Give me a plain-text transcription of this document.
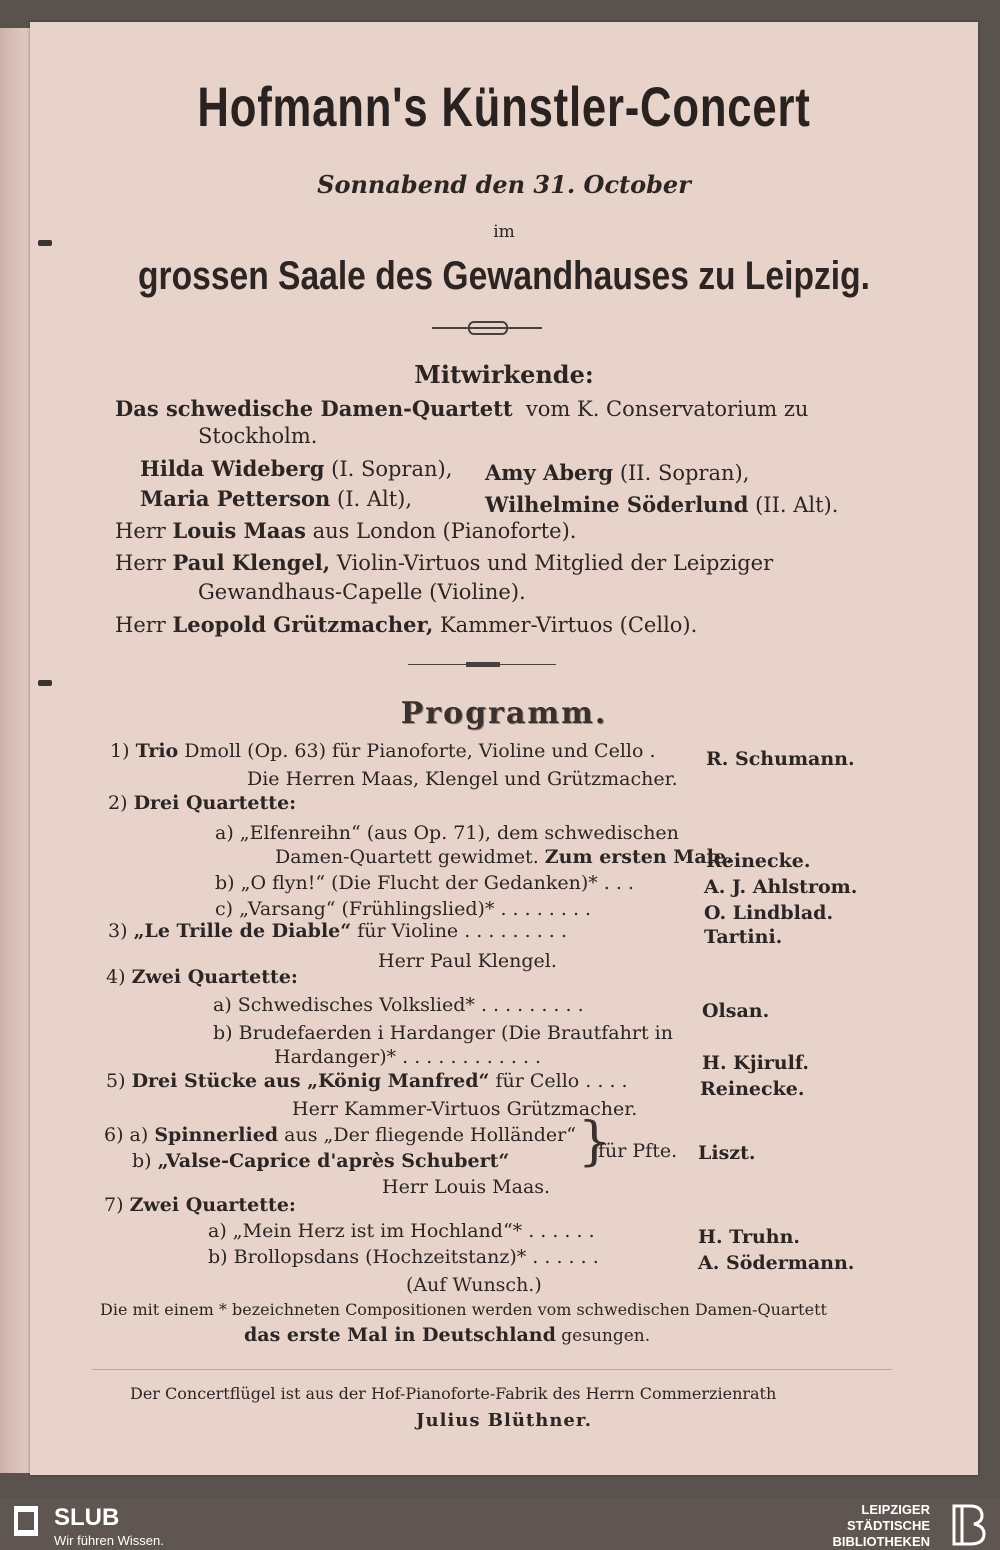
Hofmann's Künstler-Concert
Sonnabend den 31. October
im
grossen Saale des Gewandhauses zu Leipzig.
Mitwirkende:
Das schwedische Damen-Quartett vom K. Conservatorium zu
Stockholm.
Hilda Wideberg (I. Sopran), Amy Aberg (II. Sopran),
Maria Petterson (I. Alt),	Wilhelmine Söderlund (II. Alt).
Herr Louis Maas aus London (Pianoforte).
Herr Paul Klengel, Violin-Virtuos und Mitglied der Leipziger
Gewandhaus-Capelle (Violine).
Herr Leopold Grützmacher, Kammer-Virtuos (Cello).
Programm.
1) Trio Dmoll (Op. 63) für Pianoforte, Violine und Cello .	R. Schumann.
Die Herren Maas, Klengel und Grützmacher.
2) Drei Quartette:
a) „Elfenreihn“ (aus Op. 71), dem schwedischen
Damen-Quartett gewidmet. Zum ersten Male.
Reinecke.
b) „O flyn!“ (Die Flucht der Gedanken)* . . .	A. J. Ahlstrom.
c) „Varsang“ (Frühlingslied)* . . . . . . . .	O. Lindblad.
3) „Le Trille de Diable“ für Violine . . . . . . . . .	Tartini.
Herr Paul Klengel.
4) Zwei Quartette:
a) Schwedisches Volkslied* . . . . . . . . .	Olsan.
b) Brudefaerden i Hardanger (Die Brautfahrt in
Hardanger)* . . . . . . . . . . . .	H. Kjirulf.
5) Drei Stücke aus „König Manfred“ für Cello . . . .	Reinecke.
Herr Kammer-Virtuos Grützmacher.
6) a) Spinnerlied aus „Der fliegende Holländer“
b) „Valse-Caprice d'après Schubert“ }
für Pfte. Liszt.
Herr Louis Maas.
7) Zwei Quartette:
a) „Mein Herz ist im Hochland“* . . . . . .	H. Truhn.
b) Brollopsdans (Hochzeitstanz)* . . . . . .	A. Södermann.
(Auf Wunsch.)
Die mit einem * bezeichneten Compositionen werden vom schwedischen Damen-Quartett
das erste Mal in Deutschland gesungen.
Der Concertflügel ist aus der Hof-Pianoforte-Fabrik des Herrn Commerzienrath
Julius Blüthner.
SLUB
Wir führen Wissen.
LEIPZIGER
STÄDTISCHE
BIBLIOTHEKEN
